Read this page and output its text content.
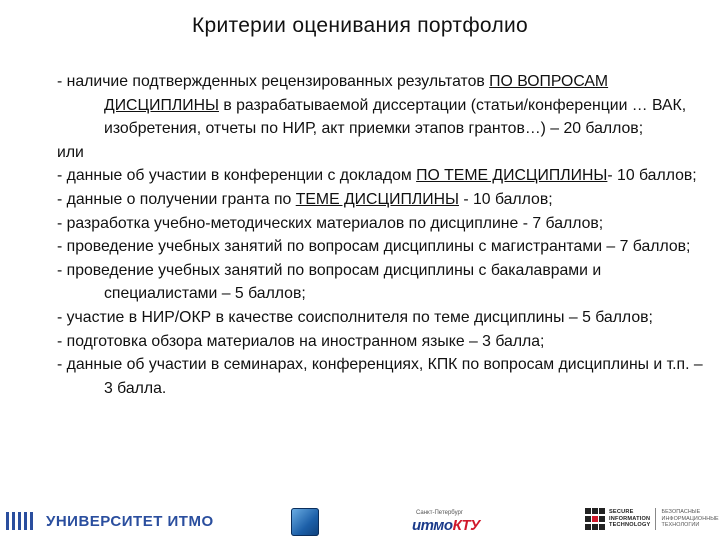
Критерии оценивания портфолио

- наличие подтвержденных рецензированных результатов ПО ВОПРОСАМ ДИСЦИПЛИНЫ в разрабатываемой диссертации (статьи/конференции … ВАК, изобретения, отчеты по НИР, акт приемки этапов грантов…) – 20 баллов;

или

- данные об участии в конференции с докладом ПО ТЕМЕ ДИСЦИПЛИНЫ- 10 баллов;

- данные о получении гранта по ТЕМЕ ДИСЦИПЛИНЫ - 10 баллов;

- разработка учебно-методических материалов по дисциплине - 7 баллов;

- проведение учебных занятий по вопросам дисциплины с магистрантами – 7 баллов;

- проведение учебных занятий по вопросам дисциплины с бакалаврами и специалистами – 5 баллов;

- участие в НИР/ОКР в качестве соисполнителя по теме дисциплины – 5 баллов;

- подготовка обзора материалов на иностранном языке – 3 балла;

- данные об участии в семинарах, конференциях, КПК по вопросам дисциплины и т.п. – 3 балла.

УНИВЕРСИТЕТ ИТМО	Санкт-Петербург
итмоКТУ
SECURE
INFORMATION
TECHNOLOGY
БЕЗОПАСНЫЕ
ИНФОРМАЦИОННЫЕ
ТЕХНОЛОГИИ
